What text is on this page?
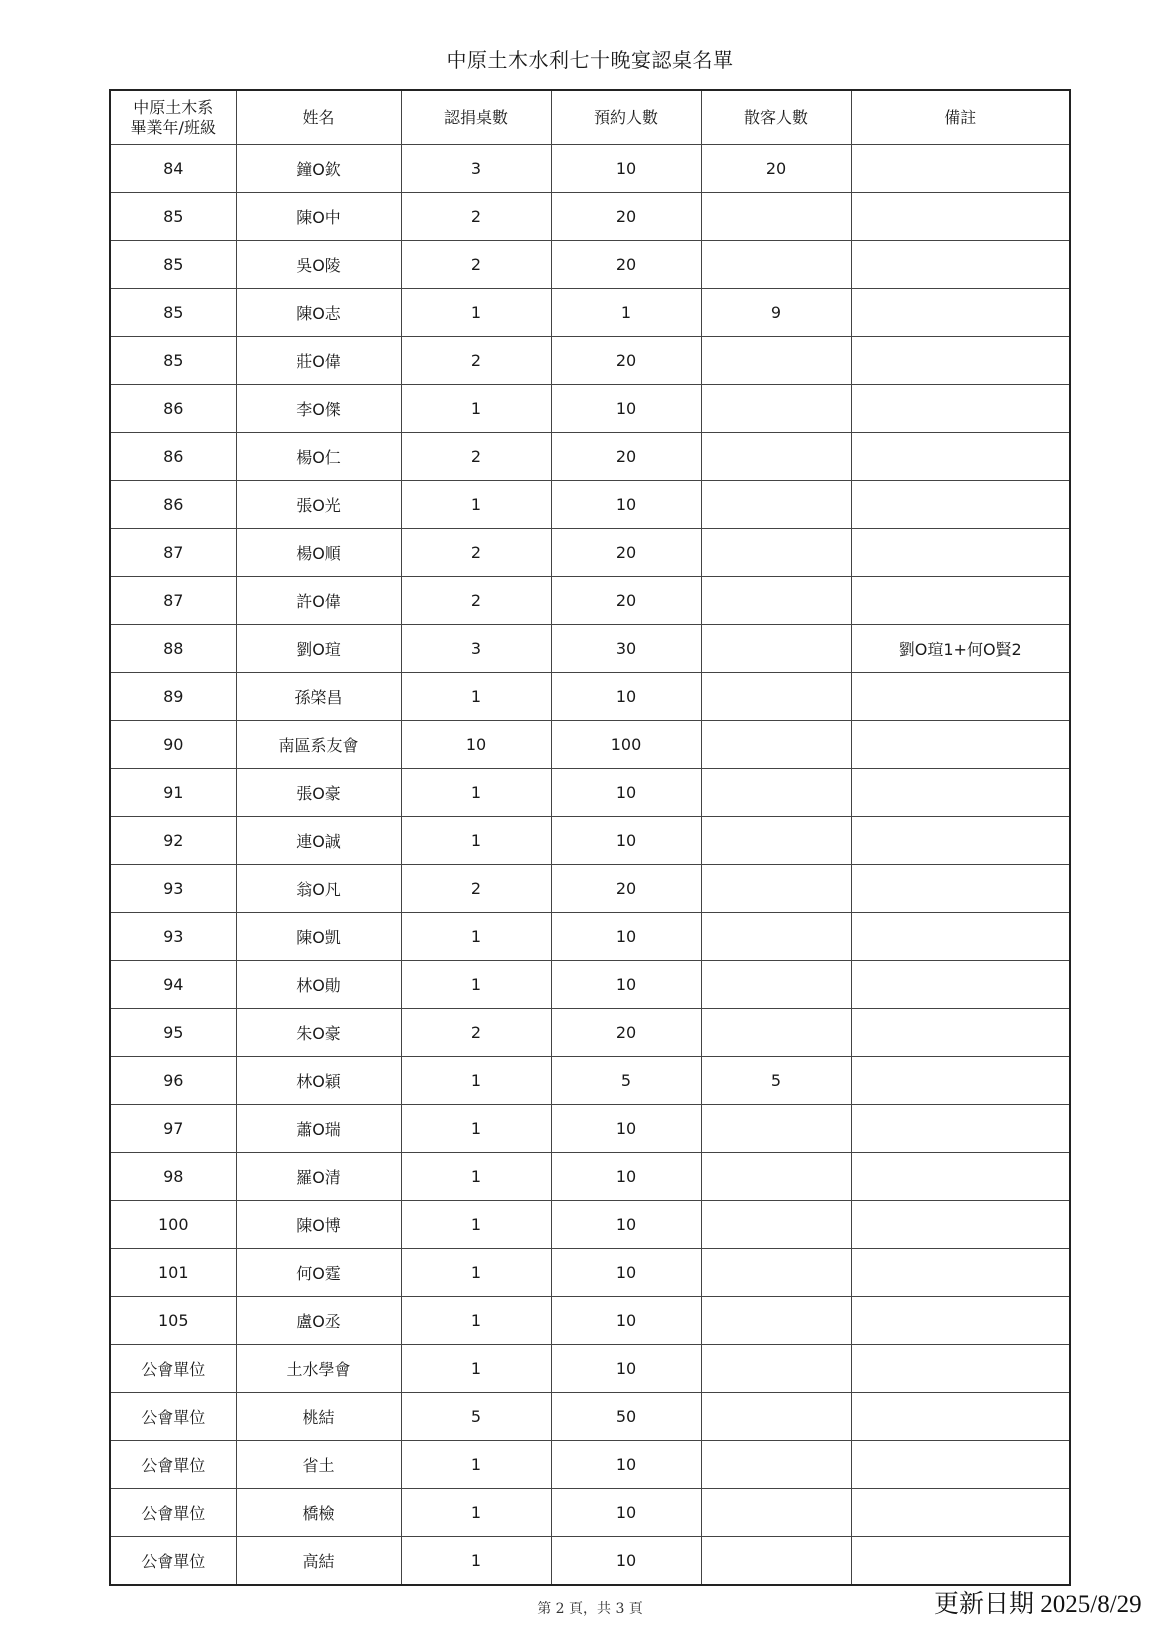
中原土木水利七十晚宴認桌名單
中原土木系
畢業年/班級	姓名	認捐桌數	預約人數	散客人數	備註
84	鐘O欽	3	10	20	
85	陳O中	2	20		
85	吳O陵	2	20		
85	陳O志	1	1	9	
85	莊O偉	2	20		
86	李O傑	1	10		
86	楊O仁	2	20		
86	張O光	1	10		
87	楊O順	2	20		
87	許O偉	2	20		
88	劉O瑄	3	30		劉O瑄1+何O賢2
89	孫棨昌	1	10		
90	南區系友會	10	100		
91	張O豪	1	10		
92	連O誠	1	10		
93	翁O凡	2	20		
93	陳O凱	1	10		
94	林O勛	1	10		
95	朱O豪	2	20		
96	林O穎	1	5	5	
97	蕭O瑞	1	10		
98	羅O清	1	10		
100	陳O博	1	10		
101	何O霆	1	10		
105	盧O丞	1	10		
公會單位	土水學會	1	10		
公會單位	桃結	5	50		
公會單位	省土	1	10		
公會單位	橋檢	1	10		
公會單位	高結	1	10		
第 2 頁，共 3 頁	更新日期 2025/8/29
